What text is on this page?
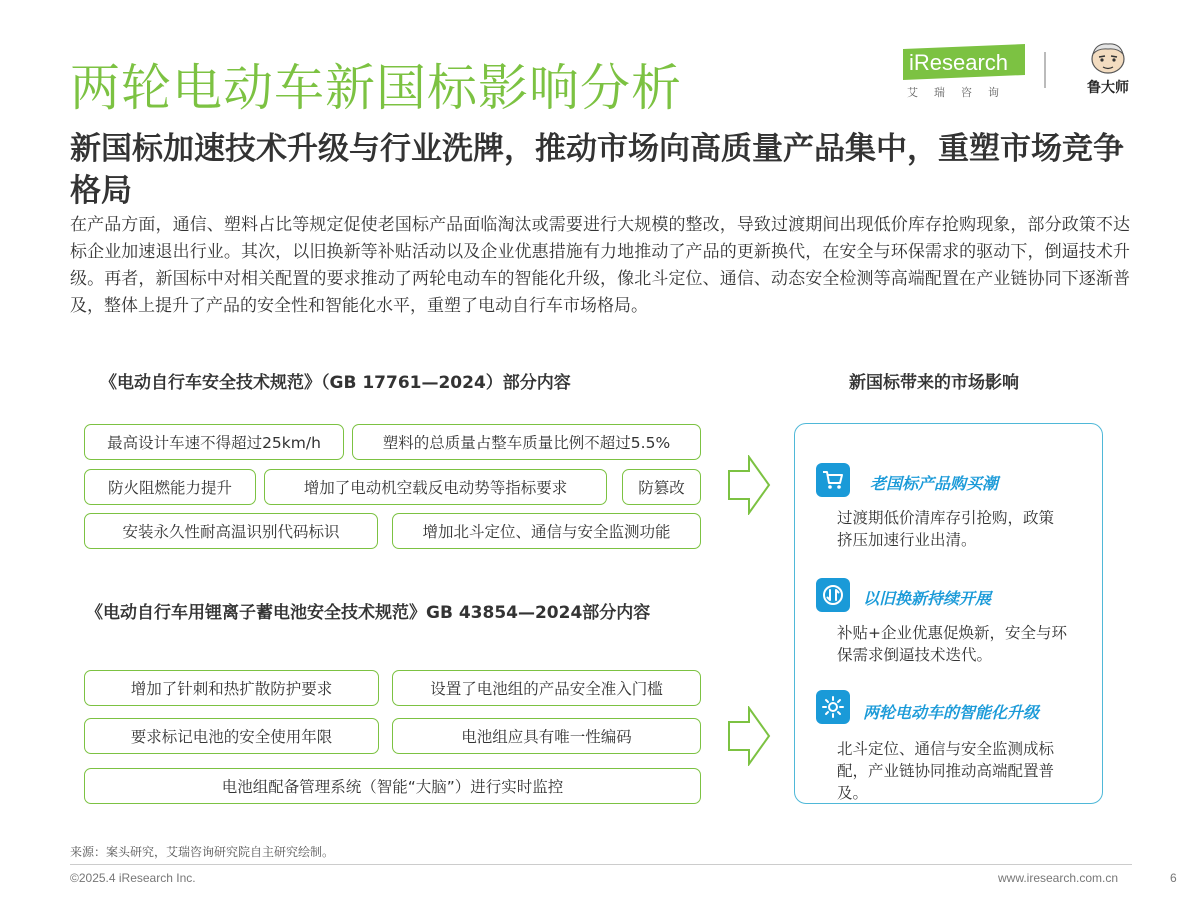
两轮电动车新国标影响分析
新国标加速技术升级与行业洗牌，推动市场向高质量产品集中，重塑市场竞争格局

在产品方面，通信、塑料占比等规定促使老国标产品面临淘汰或需要进行大规模的整改，导致过渡期间出现低价库存抢购现象，部分政策不达标企业加速退出行业。其次，以旧换新等补贴活动以及企业优惠措施有力地推动了产品的更新换代，在安全与环保需求的驱动下，倒逼技术升级。再者，新国标中对相关配置的要求推动了两轮电动车的智能化升级，像北斗定位、通信、动态安全检测等高端配置在产业链协同下逐渐普及，整体上提升了产品的安全性和智能化水平，重塑了电动自行车市场格局。

iResearch
艾瑞咨询	鲁大师
《电动自行车安全技术规范》（GB 17761—2024）部分内容
最高设计车速不得超过25km/h	塑料的总质量占整车质量比例不超过5.5%
防火阻燃能力提升	增加了电动机空载反电动势等指标要求	防篡改
安装永久性耐高温识别代码标识	增加北斗定位、通信与安全监测功能
《电动自行车用锂离子蓄电池安全技术规范》GB 43854—2024部分内容
增加了针刺和热扩散防护要求	设置了电池组的产品安全准入门槛
要求标记电池的安全使用年限	电池组应具有唯一性编码
电池组配备管理系统（智能“大脑”）进行实时监控
新国标带来的市场影响
老国标产品购买潮
过渡期低价清库存引抢购，政策挤压加速行业出清。
以旧换新持续开展
补贴+企业优惠促焕新，安全与环保需求倒逼技术迭代。
两轮电动车的智能化升级
北斗定位、通信与安全监测成标配，产业链协同推动高端配置普及。
来源：案头研究，艾瑞咨询研究院自主研究绘制。
©2025.4 iResearch Inc.	www.iresearch.com.cn	6
